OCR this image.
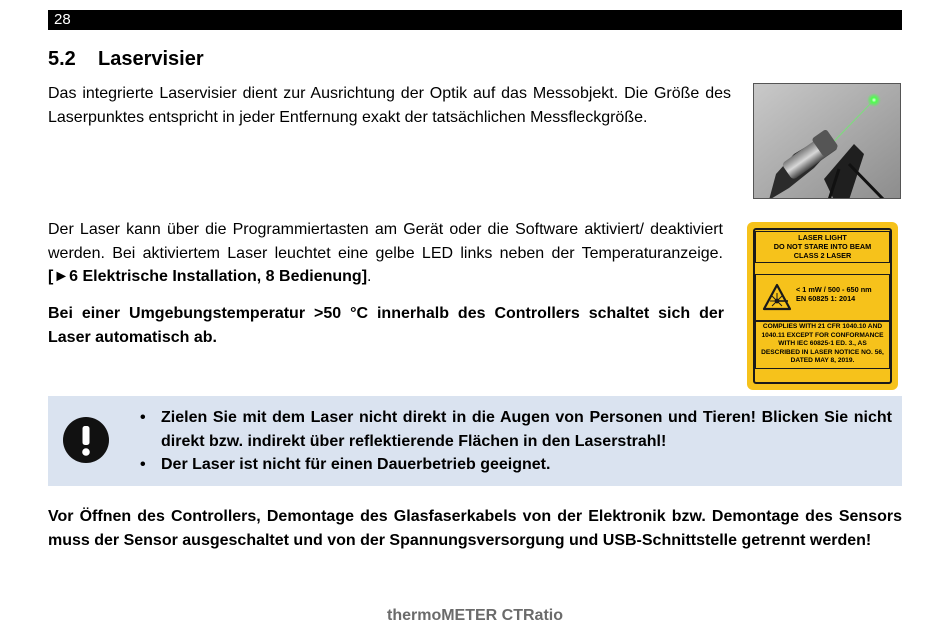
28
5.2 Laservisier

Das integrierte Laservisier dient zur Ausrichtung der Optik auf das Messobjekt. Die Größe des Laserpunktes entspricht in jeder Entfernung exakt der tatsächlichen Messfleckgröße.

Der Laser kann über die Programmiertasten am Gerät oder die Software aktiviert/ deaktiviert werden. Bei aktiviertem Laser leuchtet eine gelbe LED links neben der Temperaturanzeige. [►6 Elektrische Installation, 8 Bedienung].

LASER LIGHT
DO NOT STARE INTO BEAM
CLASS 2 LASER
< 1 mW / 500 - 650 nm
EN 60825 1: 2014
COMPLIES WITH 21 CFR 1040.10 AND
1040.11 EXCEPT FOR CONFORMANCE
WITH IEC 60825-1 ED. 3., AS
DESCRIBED IN LASER NOTICE NO. 56,
DATED MAY 8, 2019.

Bei einer Umgebungstemperatur >50 °C innerhalb des Controllers schaltet sich der Laser automatisch ab.

• Zielen Sie mit dem Laser nicht direkt in die Augen von Personen und Tieren! Blicken Sie nicht direkt bzw. indirekt über reflektierende Flächen in den Laserstrahl!
• Der Laser ist nicht für einen Dauerbetrieb geeignet.

Vor Öffnen des Controllers, Demontage des Glasfaserkabels von der Elektronik bzw. Demontage des Sensors muss der Sensor ausgeschaltet und von der Spannungsversorgung und USB-Schnittstelle getrennt werden!

thermoMETER CTRatio
